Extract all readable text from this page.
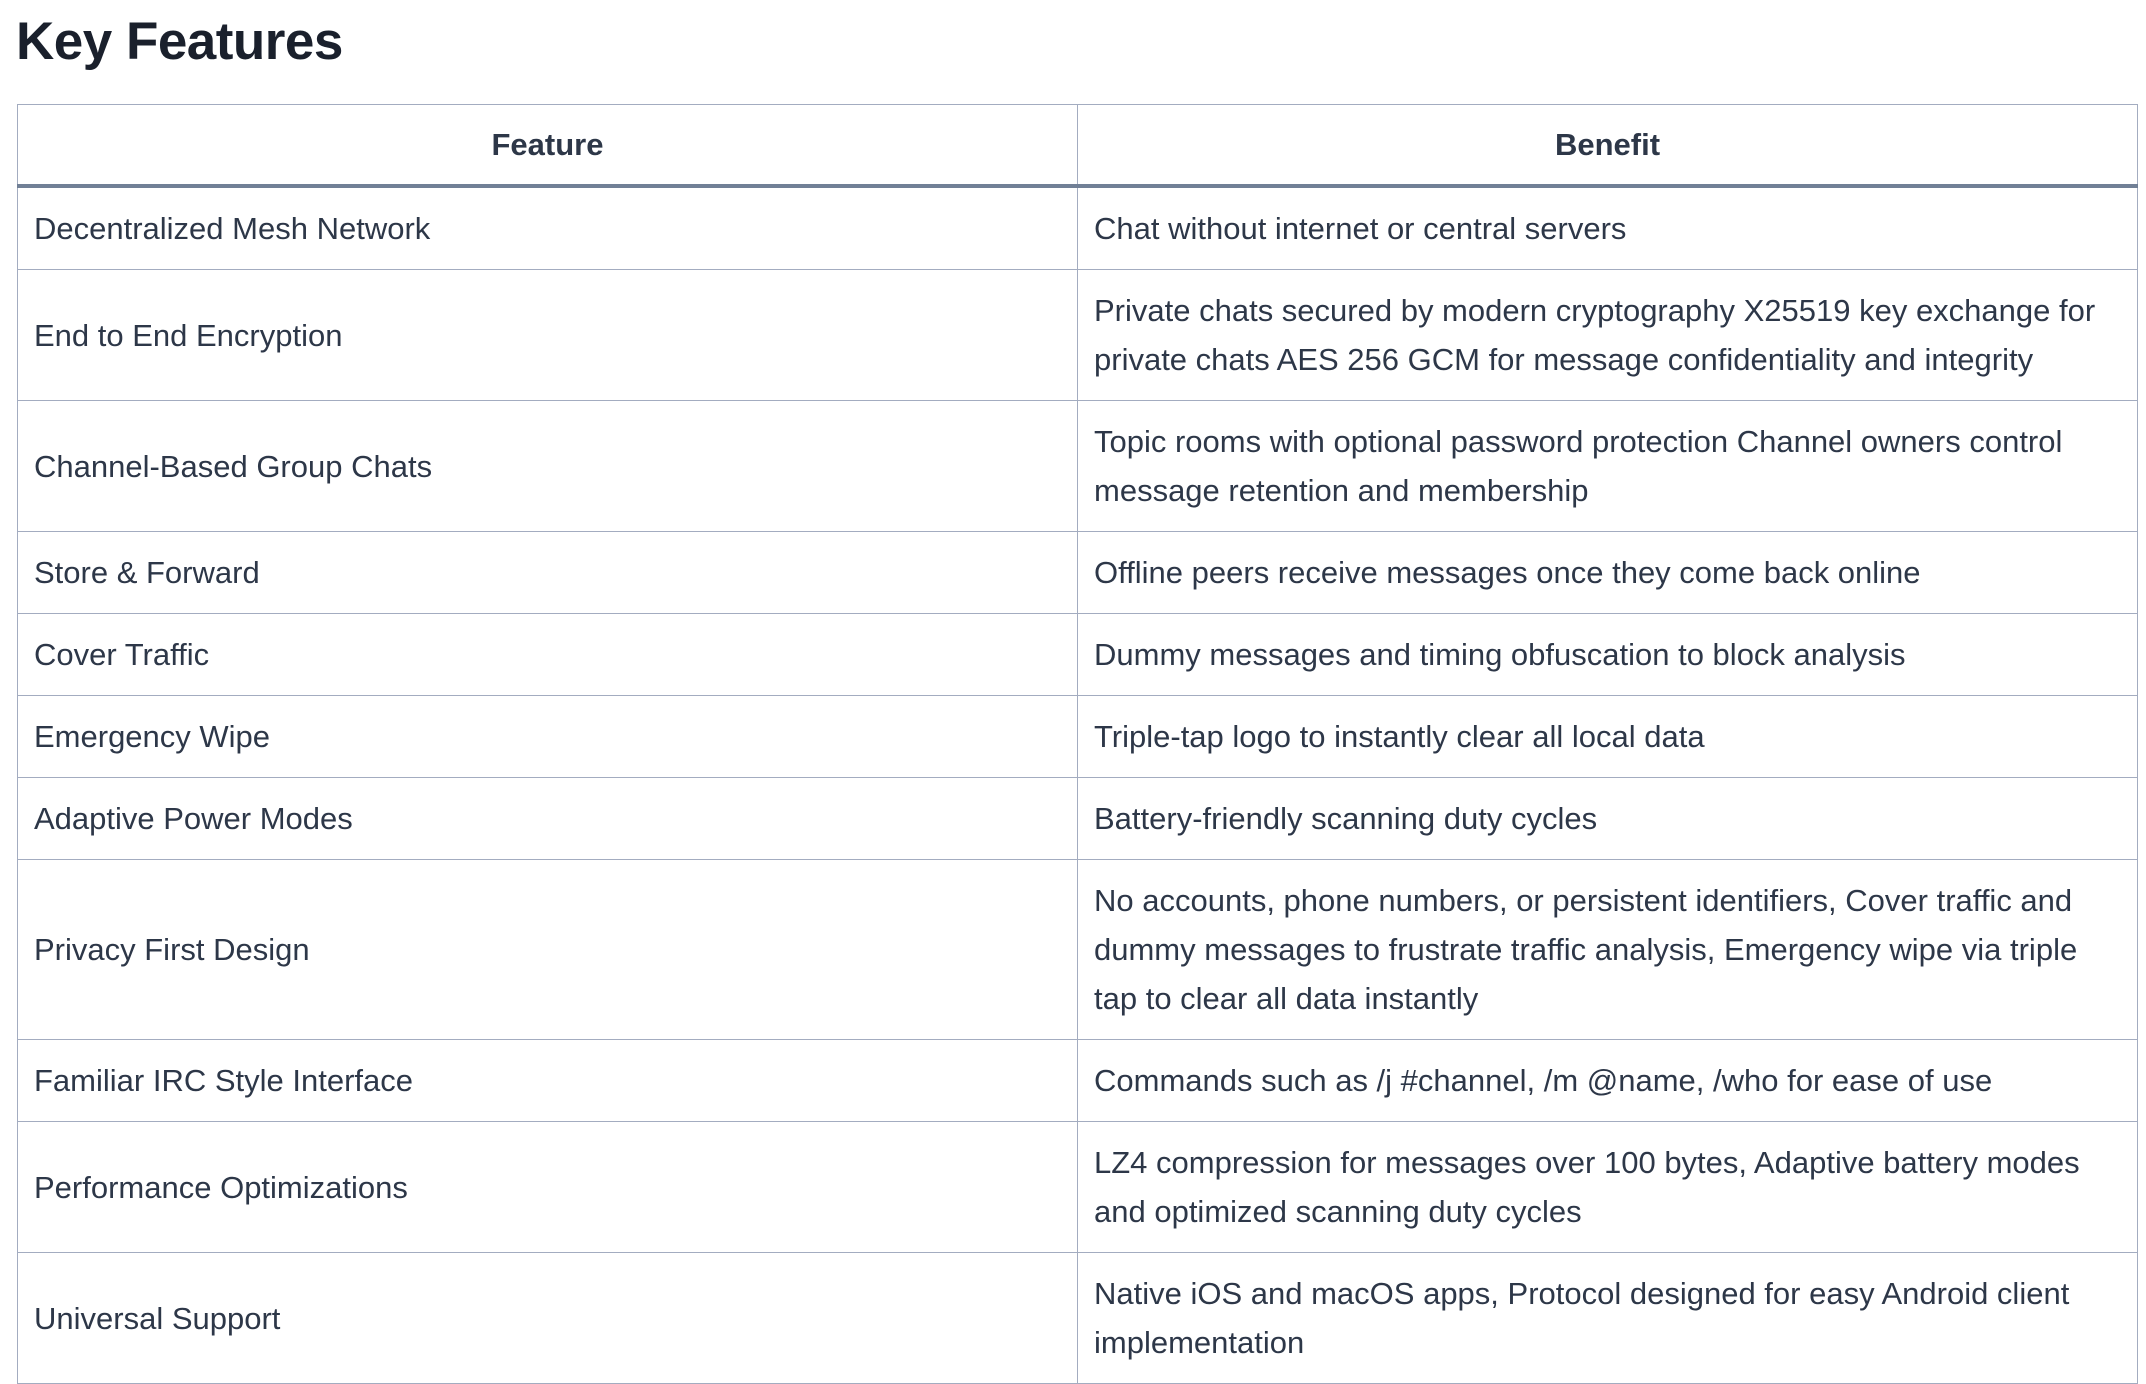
Key Features
Feature	Benefit
Decentralized Mesh Network	Chat without internet or central servers
End to End Encryption	Private chats secured by modern cryptography X25519 key exchange for private chats AES 256 GCM for message confidentiality and integrity
Channel-Based Group Chats	Topic rooms with optional password protection Channel owners control message retention and membership
Store & Forward	Offline peers receive messages once they come back online
Cover Traffic	Dummy messages and timing obfuscation to block analysis
Emergency Wipe	Triple-tap logo to instantly clear all local data
Adaptive Power Modes	Battery-friendly scanning duty cycles
Privacy First Design	No accounts, phone numbers, or persistent identifiers, Cover traffic and dummy messages to frustrate traffic analysis, Emergency wipe via triple tap to clear all data instantly
Familiar IRC Style Interface	Commands such as /j #channel, /m @name, /who for ease of use
Performance Optimizations	LZ4 compression for messages over 100 bytes, Adaptive battery modes and optimized scanning duty cycles
Universal Support	Native iOS and macOS apps, Protocol designed for easy Android client implementation
